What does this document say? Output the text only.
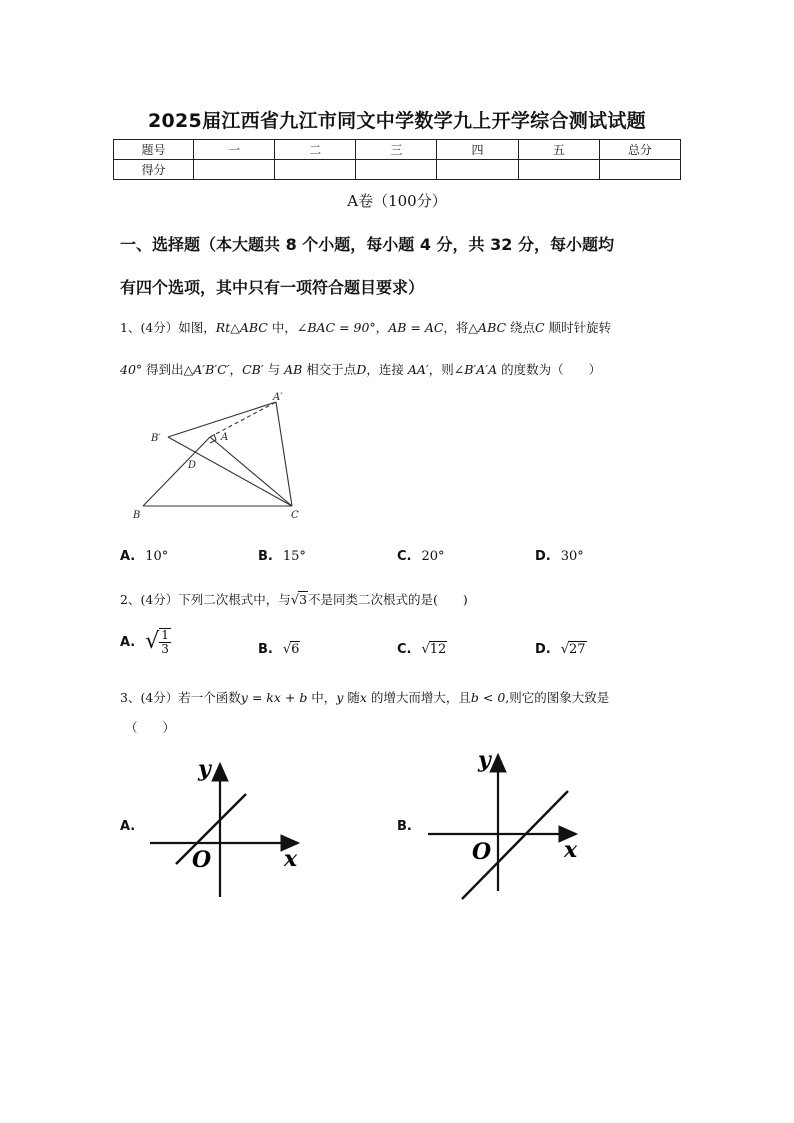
2025届江西省九江市同文中学数学九上开学综合测试试题
题号	一	二	三	四	五	总分
得分						
A卷（100分）
一、选择题（本大题共 8 个小题，每小题 4 分，共 32 分，每小题均
有四个选项，其中只有一项符合题目要求）
1、(4分）如图，Rt△ABC 中，∠BAC = 90°，AB = AC，将△ABC 绕点C 顺时针旋转
40° 得到出△A′B′C′，CB′ 与 AB 相交于点D，连接 AA′，则∠B′A′A 的度数为（　　）
A′
B′	A
D
B	C
A. 10°	B. 15°	C. 20°	D. 30°
2、(4分）下列二次根式中，与√3不是同类二次根式的是(　　)
A. √ $\frac{1}{3}$	B. √6	C. √12	D. √27
3、(4分）若一个函数y = kx + b 中，y 随x 的增大而增大，且b < 0,则它的图象大致是
（　　）
A.
y
x
O
B.
y
x
O
